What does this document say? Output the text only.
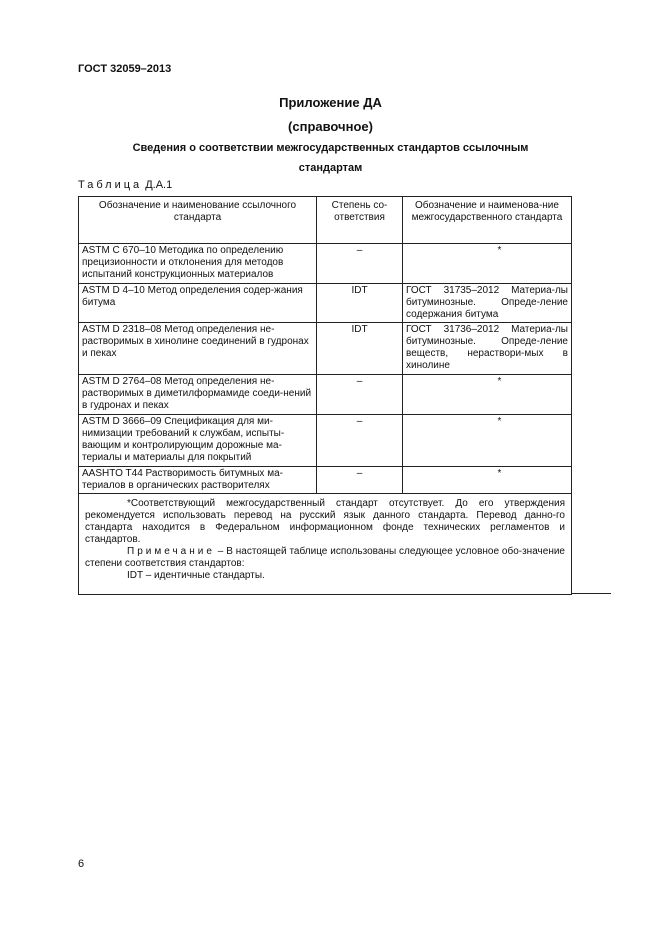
ГОСТ 32059–2013
Приложение ДА
(справочное)
Сведения о соответствии межгосударственных стандартов ссылочным
стандартам
Таблица Д.А.1
Обозначение и наименование ссылочного стандарта	Степень со-ответствия	Обозначение и наименова-ние межгосударственного стандарта
ASTM C 670–10 Методика по определению прецизионности и отклонения для методов испытаний конструкционных материалов	–	*
ASTM D 4–10 Метод определения содер-жания битума	IDT	ГОСТ 31735–2012 Материа-лы битуминозные. Опреде-ление содержания битума
ASTM D 2318–08 Метод определения не-растворимых в хинолине соединений в гудронах и пеках	IDT	ГОСТ 31736–2012 Материа-лы битуминозные. Опреде-ление веществ, нераствори-мых в хинолине
ASTM D 2764–08 Метод определения не-растворимых в диметилформамиде соеди-нений в гудронах и пеках	–	*
ASTM D 3666–09 Спецификация для ми-нимизации требований к службам, испыты-вающим и контролирующим дорожные ма-териалы и материалы для покрытий	–	*
AASHTO T44 Растворимость битумных ма-териалов в органических растворителях	–	*

*Соответствующий межгосударственный стандарт отсутствует. До его утверждения рекомендуется использовать перевод на русский язык данного стандарта. Перевод данно-го стандарта находится в Федеральном информационном фонде технических регламентов и стандартов.

Примечание – В настоящей таблице использованы следующее условное обо-значение степени соответствия стандартов:

IDT – идентичные стандарты.		

6
